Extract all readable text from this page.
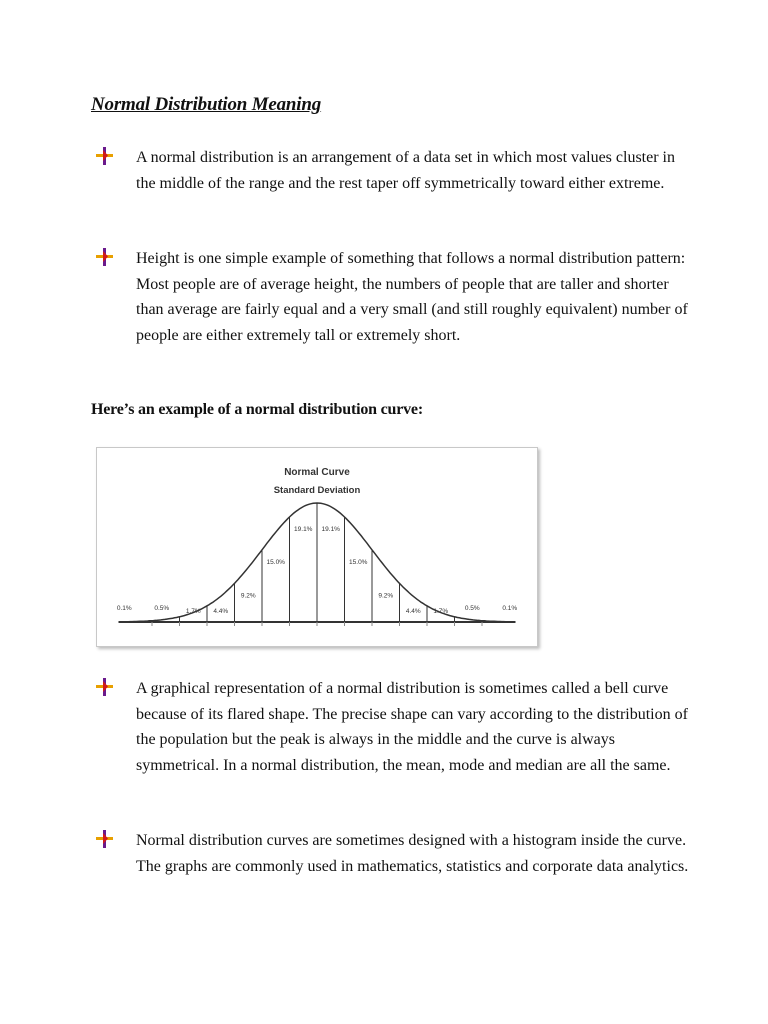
Normal Distribution Meaning

A normal distribution is an arrangement of a data set in which most values cluster in the middle of the range and the rest taper off symmetrically toward either extreme.

Height is one simple example of something that follows a normal distribution pattern: Most people are of average height, the numbers of people that are taller and shorter than average are fairly equal and a very small (and still roughly equivalent) number of people are either extremely tall or extremely short.

Here’s an example of a normal distribution curve:

Normal Curve
Standard Deviation
0.1%	0.5%	1.7% 4.4%
9.2%
15.0%
19.1% 19.1%
15.0%
9.2%
4.4% 1.7%	0.5%	0.1%

A graphical representation of a normal distribution is sometimes called a bell curve because of its flared shape. The precise shape can vary according to the distribution of the population but the peak is always in the middle and the curve is always symmetrical. In a normal distribution, the mean, mode and median are all the same.

Normal distribution curves are sometimes designed with a histogram inside the curve. The graphs are commonly used in mathematics, statistics and corporate data analytics.
